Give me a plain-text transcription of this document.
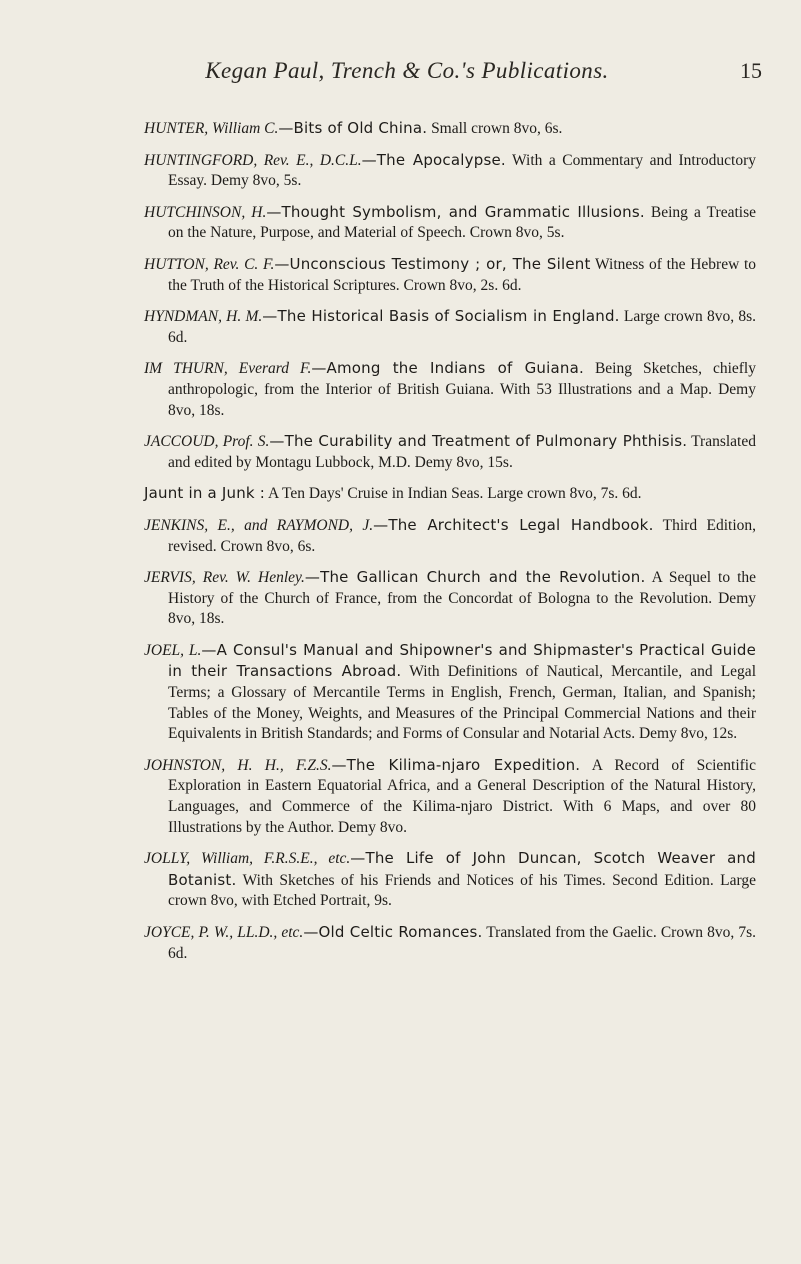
Kegan Paul, Trench & Co.'s Publications.	15

HUNTER, William C.—Bits of Old China. Small crown 8vo, 6s.

HUNTINGFORD, Rev. E., D.C.L.—The Apocalypse. With a Commentary and Introductory Essay. Demy 8vo, 5s.

HUTCHINSON, H.—Thought Symbolism, and Grammatic Illusions. Being a Treatise on the Nature, Purpose, and Material of Speech. Crown 8vo, 5s.

HUTTON, Rev. C. F.—Unconscious Testimony ; or, The Silent Witness of the Hebrew to the Truth of the Historical Scriptures. Crown 8vo, 2s. 6d.

HYNDMAN, H. M.—The Historical Basis of Socialism in England. Large crown 8vo, 8s. 6d.

IM THURN, Everard F.—Among the Indians of Guiana. Being Sketches, chiefly anthropologic, from the Interior of British Guiana. With 53 Illustrations and a Map. Demy 8vo, 18s.

JACCOUD, Prof. S.—The Curability and Treatment of Pulmonary Phthisis. Translated and edited by Montagu Lubbock, M.D. Demy 8vo, 15s.

Jaunt in a Junk : A Ten Days' Cruise in Indian Seas. Large crown 8vo, 7s. 6d.

JENKINS, E., and RAYMOND, J.—The Architect's Legal Handbook. Third Edition, revised. Crown 8vo, 6s.

JERVIS, Rev. W. Henley.—The Gallican Church and the Revolution. A Sequel to the History of the Church of France, from the Concordat of Bologna to the Revolution. Demy 8vo, 18s.

JOEL, L.—A Consul's Manual and Shipowner's and Shipmaster's Practical Guide in their Transactions Abroad. With Definitions of Nautical, Mercantile, and Legal Terms; a Glossary of Mercantile Terms in English, French, German, Italian, and Spanish; Tables of the Money, Weights, and Measures of the Principal Commercial Nations and their Equivalents in British Standards; and Forms of Consular and Notarial Acts. Demy 8vo, 12s.

JOHNSTON, H. H., F.Z.S.—The Kilima-njaro Expedition. A Record of Scientific Exploration in Eastern Equatorial Africa, and a General Description of the Natural History, Languages, and Commerce of the Kilima-njaro District. With 6 Maps, and over 80 Illustrations by the Author. Demy 8vo.

JOLLY, William, F.R.S.E., etc.—The Life of John Duncan, Scotch Weaver and Botanist. With Sketches of his Friends and Notices of his Times. Second Edition. Large crown 8vo, with Etched Portrait, 9s.

JOYCE, P. W., LL.D., etc.—Old Celtic Romances. Translated from the Gaelic. Crown 8vo, 7s. 6d.
